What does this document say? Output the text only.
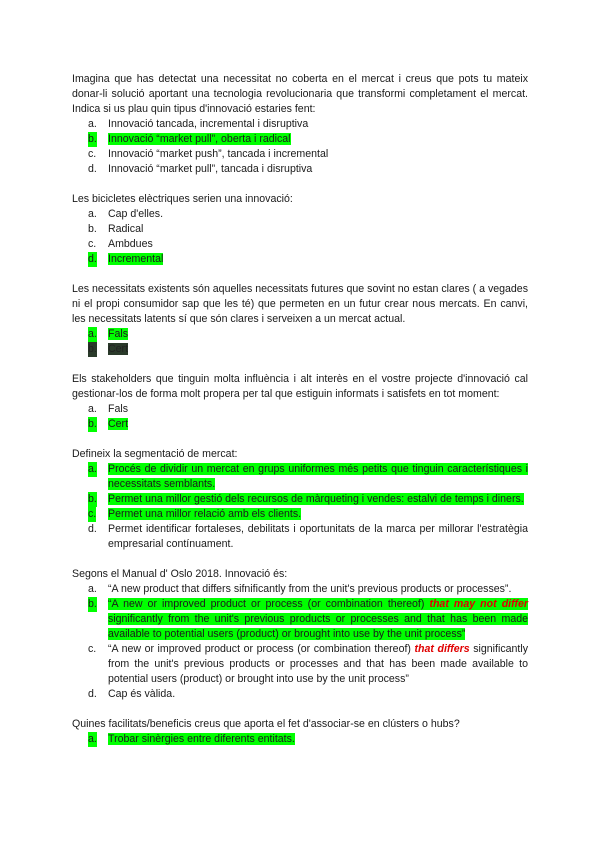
Imagina que has detectat una necessitat no coberta en el mercat i creus que pots tu mateix donar-li solució aportant una tecnologia revolucionaria que transformi completament el mercat. Indica si us plau quin tipus d'innovació estaries fent:

a. Innovació tancada, incremental i disruptiva
b. Innovació “market pull”, oberta i radical
c. Innovació “market push”, tancada i incremental
d. Innovació “market pull”, tancada i disruptiva

Les bicicletes elèctriques serien una innovació:

a. Cap d'elles.
b. Radical
c. Ambdues
d. Incremental

Les necessitats existents són aquelles necessitats futures que sovint no estan clares ( a vegades ni el propi consumidor sap que les té) que permeten en un futur crear nous mercats. En canvi, les necessitats latents sí que són clares i serveixen a un mercat actual.

a. Fals
b. Cert

Els stakeholders que tinguin molta influència i alt interès en el vostre projecte d'innovació cal gestionar-los de forma molt propera per tal que estiguin informats i satisfets en tot moment:

a. Fals
b. Cert

Defineix la segmentació de mercat:

a. Procés de dividir un mercat en grups uniformes més petits que tinguin característiques i necessitats semblants.
b. Permet una millor gestió dels recursos de màrqueting i vendes: estalvi de temps i diners.
c. Permet una millor relació amb els clients.
d. Permet identificar fortaleses, debilitats i oportunitats de la marca per millorar l'estratègia empresarial contínuament.

Segons el Manual d' Oslo 2018. Innovació és:

a. “A new product that differs sifnificantly from the unit's previous products or processes”.
b. “A new or improved product or process (or combination thereof) that may not differ significantly from the unit's previous products or processes and that has been made available to potential users (product) or brought into use by the unit process”
c. “A new or improved product or process (or combination thereof) that differs significantly from the unit's previous products or processes and that has been made available to potential users (product) or brought into use by the unit process”
d. Cap és vàlida.

Quines facilitats/beneficis creus que aporta el fet d'associar-se en clústers o hubs?

a. Trobar sinèrgies entre diferents entitats.
